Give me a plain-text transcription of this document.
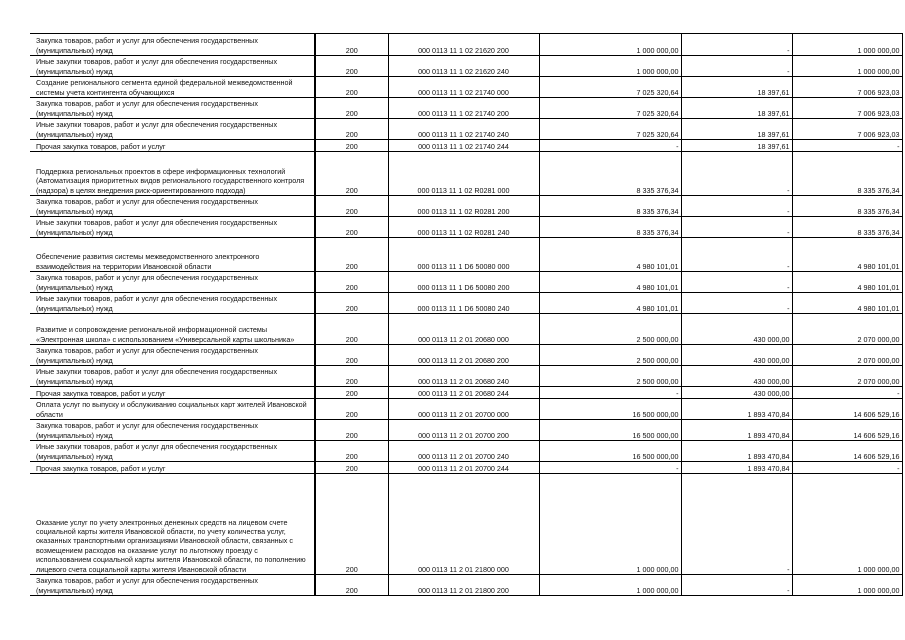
Закупка товаров, работ и услуг для обеспечения государственных (муниципальных) нужд	200	000 0113 11 1 02 21620 200	1 000 000,00	-	1 000 000,00
Иные закупки товаров, работ и услуг для обеспечения государственных (муниципальных) нужд	200	000 0113 11 1 02 21620 240	1 000 000,00	-	1 000 000,00
Создание регионального сегмента единой федеральной межведомственной системы учета контингента обучающихся	200	000 0113 11 1 02 21740 000	7 025 320,64	18 397,61	7 006 923,03
Закупка товаров, работ и услуг для обеспечения государственных (муниципальных) нужд	200	000 0113 11 1 02 21740 200	7 025 320,64	18 397,61	7 006 923,03
Иные закупки товаров, работ и услуг для обеспечения государственных (муниципальных) нужд	200	000 0113 11 1 02 21740 240	7 025 320,64	18 397,61	7 006 923,03
Прочая закупка товаров, работ и услуг	200	000 0113 11 1 02 21740 244	-	18 397,61	-
Поддержка региональных проектов в сфере информационных технологий (Автоматизация приоритетных видов регионального государственного контроля (надзора) в целях внедрения риск-ориентированного подхода)	200	000 0113 11 1 02 R0281 000	8 335 376,34	-	8 335 376,34
Закупка товаров, работ и услуг для обеспечения государственных (муниципальных) нужд	200	000 0113 11 1 02 R0281 200	8 335 376,34	-	8 335 376,34
Иные закупки товаров, работ и услуг для обеспечения государственных (муниципальных) нужд	200	000 0113 11 1 02 R0281 240	8 335 376,34	-	8 335 376,34
Обеспечение развития системы межведомственного электронного взаимодействия на территории Ивановской области	200	000 0113 11 1 D6 50080 000	4 980 101,01	-	4 980 101,01
Закупка товаров, работ и услуг для обеспечения государственных (муниципальных) нужд	200	000 0113 11 1 D6 50080 200	4 980 101,01	-	4 980 101,01
Иные закупки товаров, работ и услуг для обеспечения государственных (муниципальных) нужд	200	000 0113 11 1 D6 50080 240	4 980 101,01	-	4 980 101,01
Развитие и сопровождение региональной информационной системы «Электронная школа» с использованием «Универсальной карты школьника»	200	000 0113 11 2 01 20680 000	2 500 000,00	430 000,00	2 070 000,00
Закупка товаров, работ и услуг для обеспечения государственных (муниципальных) нужд	200	000 0113 11 2 01 20680 200	2 500 000,00	430 000,00	2 070 000,00
Иные закупки товаров, работ и услуг для обеспечения государственных (муниципальных) нужд	200	000 0113 11 2 01 20680 240	2 500 000,00	430 000,00	2 070 000,00
Прочая закупка товаров, работ и услуг	200	000 0113 11 2 01 20680 244	-	430 000,00	-
Оплата услуг по выпуску и обслуживанию социальных карт жителей Ивановской области	200	000 0113 11 2 01 20700 000	16 500 000,00	1 893 470,84	14 606 529,16
Закупка товаров, работ и услуг для обеспечения государственных (муниципальных) нужд	200	000 0113 11 2 01 20700 200	16 500 000,00	1 893 470,84	14 606 529,16
Иные закупки товаров, работ и услуг для обеспечения государственных (муниципальных) нужд	200	000 0113 11 2 01 20700 240	16 500 000,00	1 893 470,84	14 606 529,16
Прочая закупка товаров, работ и услуг	200	000 0113 11 2 01 20700 244	-	1 893 470,84	-
Оказание услуг по учету электронных денежных средств на лицевом счете социальной карты жителя Ивановской области, по учету количества услуг, оказанных транспортными организациями Ивановской области, связанных с возмещением расходов на оказание услуг по льготному проезду с использованием социальной карты жителя Ивановской области, по пополнению лицевого счета социальной карты жителя Ивановской области	200	000 0113 11 2 01 21800 000	1 000 000,00	-	1 000 000,00
Закупка товаров, работ и услуг для обеспечения государственных (муниципальных) нужд	200	000 0113 11 2 01 21800 200	1 000 000,00	-	1 000 000,00
